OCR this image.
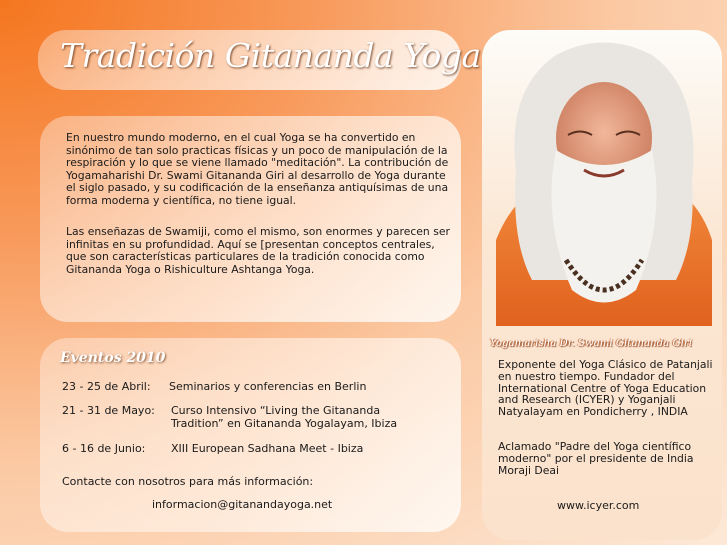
Tradición Gitananda Yoga

En nuestro mundo moderno, en el cual Yoga se ha convertido en sinónimo de tan solo practicas físicas y un poco de manipulación de la respiración y lo que se viene llamado "meditación". La contribución de Yogamaharishi Dr. Swami Gitananda Giri al desarrollo de Yoga durante el siglo pasado, y su codificación de la enseñanza antiquísimas de una forma moderna y científica, no tiene igual.

Las enseñazas de Swamiji, como el mismo, son enormes y parecen ser infinitas en su profundidad. Aquí se [presentan conceptos centrales, que son características particulares de la tradición conocida como Gitananda Yoga o Rishiculture Ashtanga Yoga.

Eventos 2010
23 - 25 de Abril: Seminarios y conferencias en Berlin
21 - 31 de Mayo: Curso Intensivo “Living the Gitananda
Tradition” en Gitananda Yogalayam, Ibiza
6 - 16 de Junio: XIII European Sadhana Meet - Ibiza
Contacte con nosotros para más información:
informacion@gitanandayoga.net

Yogamarisha Dr. Swami Gitananda Giri

Exponente del Yoga Clásico de Patanjali en nuestro tiempo. Fundador del International Centre of Yoga Education and Research (ICYER) y Yoganjali Natyalayam en Pondicherry , INDIA

Aclamado "Padre del Yoga científico moderno" por el presidente de India Moraji Deai

www.icyer.com
